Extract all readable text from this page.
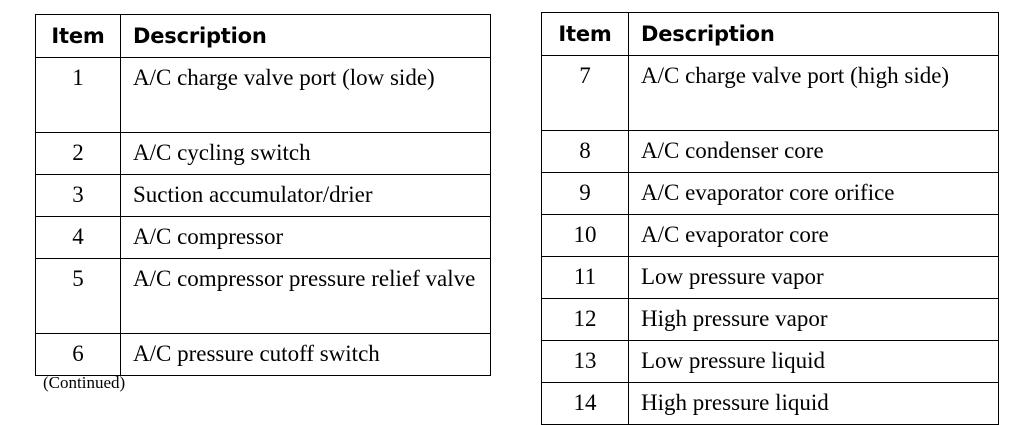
Item	Description
1	A/C charge valve port (low side)
2	A/C cycling switch
3	Suction accumulator/drier
4	A/C compressor
5	A/C compressor pressure relief valve
6	A/C pressure cutoff switch
(Continued)
Item	Description
7	A/C charge valve port (high side)
8	A/C condenser core
9	A/C evaporator core orifice
10	A/C evaporator core
11	Low pressure vapor
12	High pressure vapor
13	Low pressure liquid
14	High pressure liquid
